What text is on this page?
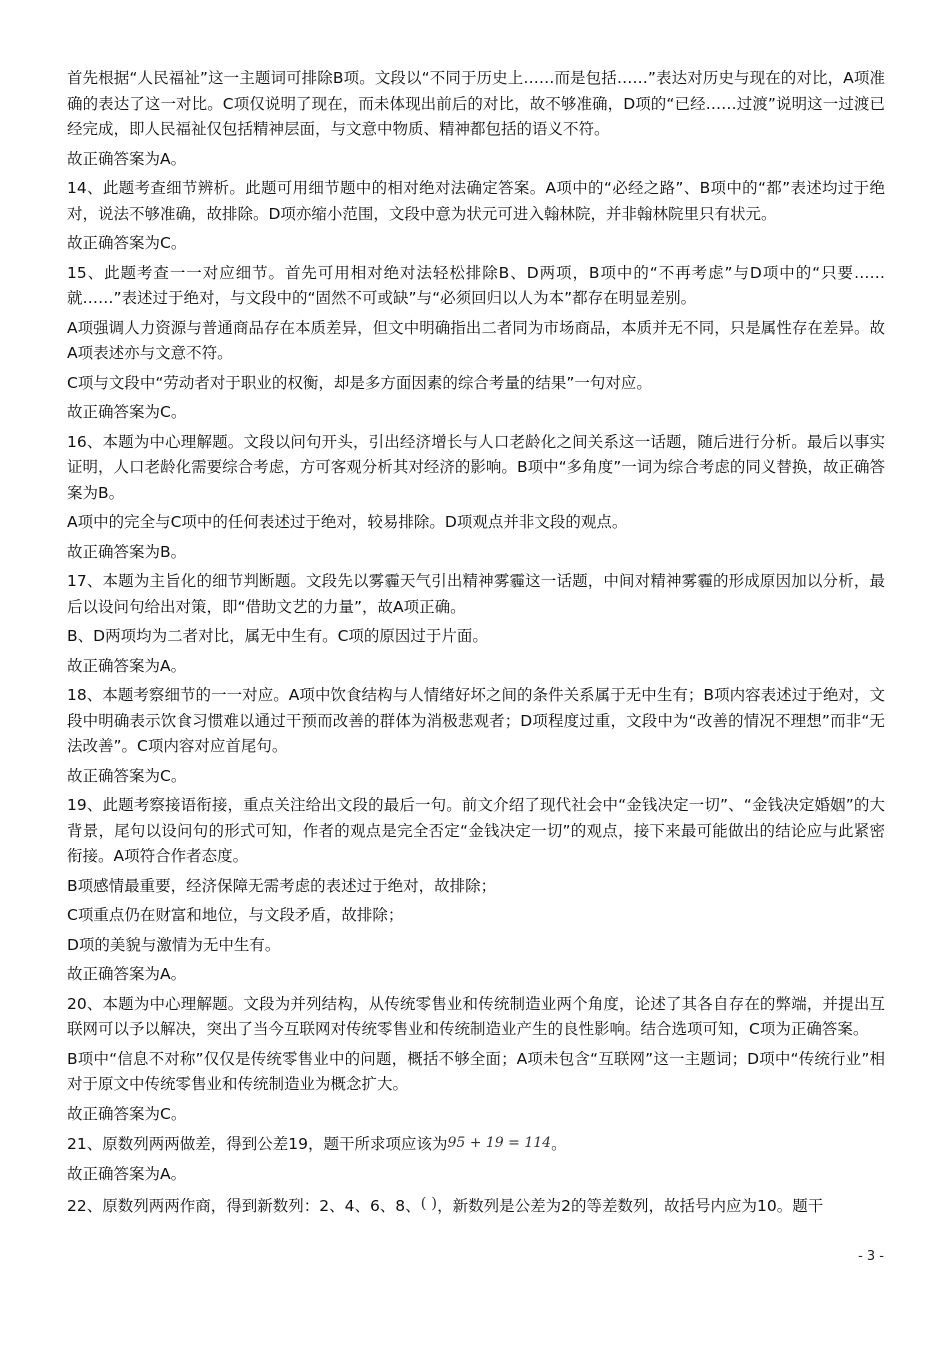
首先根据“人民福祉”这一主题词可排除B项。文段以“不同于历史上……而是包括……”表达对历史与现在的对比，A项准确的表达了这一对比。C项仅说明了现在，而未体现出前后的对比，故不够准确，D项的“已经……过渡”说明这一过渡已经完成，即人民福祉仅包括精神层面，与文意中物质、精神都包括的语义不符。

故正确答案为A。

14、此题考查细节辨析。此题可用细节题中的相对绝对法确定答案。A项中的“必经之路”、B项中的“都”表述均过于绝对，说法不够准确，故排除。D项亦缩小范围，文段中意为状元可进入翰林院，并非翰林院里只有状元。

故正确答案为C。

15、此题考查一一对应细节。首先可用相对绝对法轻松排除B、D两项，B项中的“不再考虑”与D项中的“只要……就……”表述过于绝对，与文段中的“固然不可或缺”与“必须回归以人为本”都存在明显差别。

A项强调人力资源与普通商品存在本质差异，但文中明确指出二者同为市场商品，本质并无不同，只是属性存在差异。故A项表述亦与文意不符。

C项与文段中“劳动者对于职业的权衡，却是多方面因素的综合考量的结果”一句对应。

故正确答案为C。

16、本题为中心理解题。文段以问句开头，引出经济增长与人口老龄化之间关系这一话题，随后进行分析。最后以事实证明，人口老龄化需要综合考虑，方可客观分析其对经济的影响。B项中“多角度”一词为综合考虑的同义替换，故正确答案为B。

A项中的完全与C项中的任何表述过于绝对，较易排除。D项观点并非文段的观点。

故正确答案为B。

17、本题为主旨化的细节判断题。文段先以雾霾天气引出精神雾霾这一话题，中间对精神雾霾的形成原因加以分析，最后以设问句给出对策，即“借助文艺的力量”，故A项正确。

B、D两项均为二者对比，属无中生有。C项的原因过于片面。

故正确答案为A。

18、本题考察细节的一一对应。A项中饮食结构与人情绪好坏之间的条件关系属于无中生有；B项内容表述过于绝对，文段中明确表示饮食习惯难以通过干预而改善的群体为消极悲观者；D项程度过重，文段中为“改善的情况不理想”而非“无法改善”。C项内容对应首尾句。

故正确答案为C。

19、此题考察接语衔接，重点关注给出文段的最后一句。前文介绍了现代社会中“金钱决定一切”、“金钱决定婚姻”的大背景，尾句以设问句的形式可知，作者的观点是完全否定“金钱决定一切”的观点，接下来最可能做出的结论应与此紧密衔接。A项符合作者态度。

B项感情最重要，经济保障无需考虑的表述过于绝对，故排除；

C项重点仍在财富和地位，与文段矛盾，故排除；

D项的美貌与激情为无中生有。

故正确答案为A。

20、本题为中心理解题。文段为并列结构，从传统零售业和传统制造业两个角度，论述了其各自存在的弊端，并提出互联网可以予以解决，突出了当今互联网对传统零售业和传统制造业产生的良性影响。结合选项可知，C项为正确答案。

B项中“信息不对称”仅仅是传统零售业中的问题，概括不够全面；A项未包含“互联网”这一主题词；D项中“传统行业”相对于原文中传统零售业和传统制造业为概念扩大。

故正确答案为C。

21、原数列两两做差，得到公差19，题干所求项应该为95 + 19 = 114。

故正确答案为A。

22、原数列两两作商，得到新数列：2、4、6、8、( )，新数列是公差为2的等差数列，故括号内应为10。题干

- 3 -
